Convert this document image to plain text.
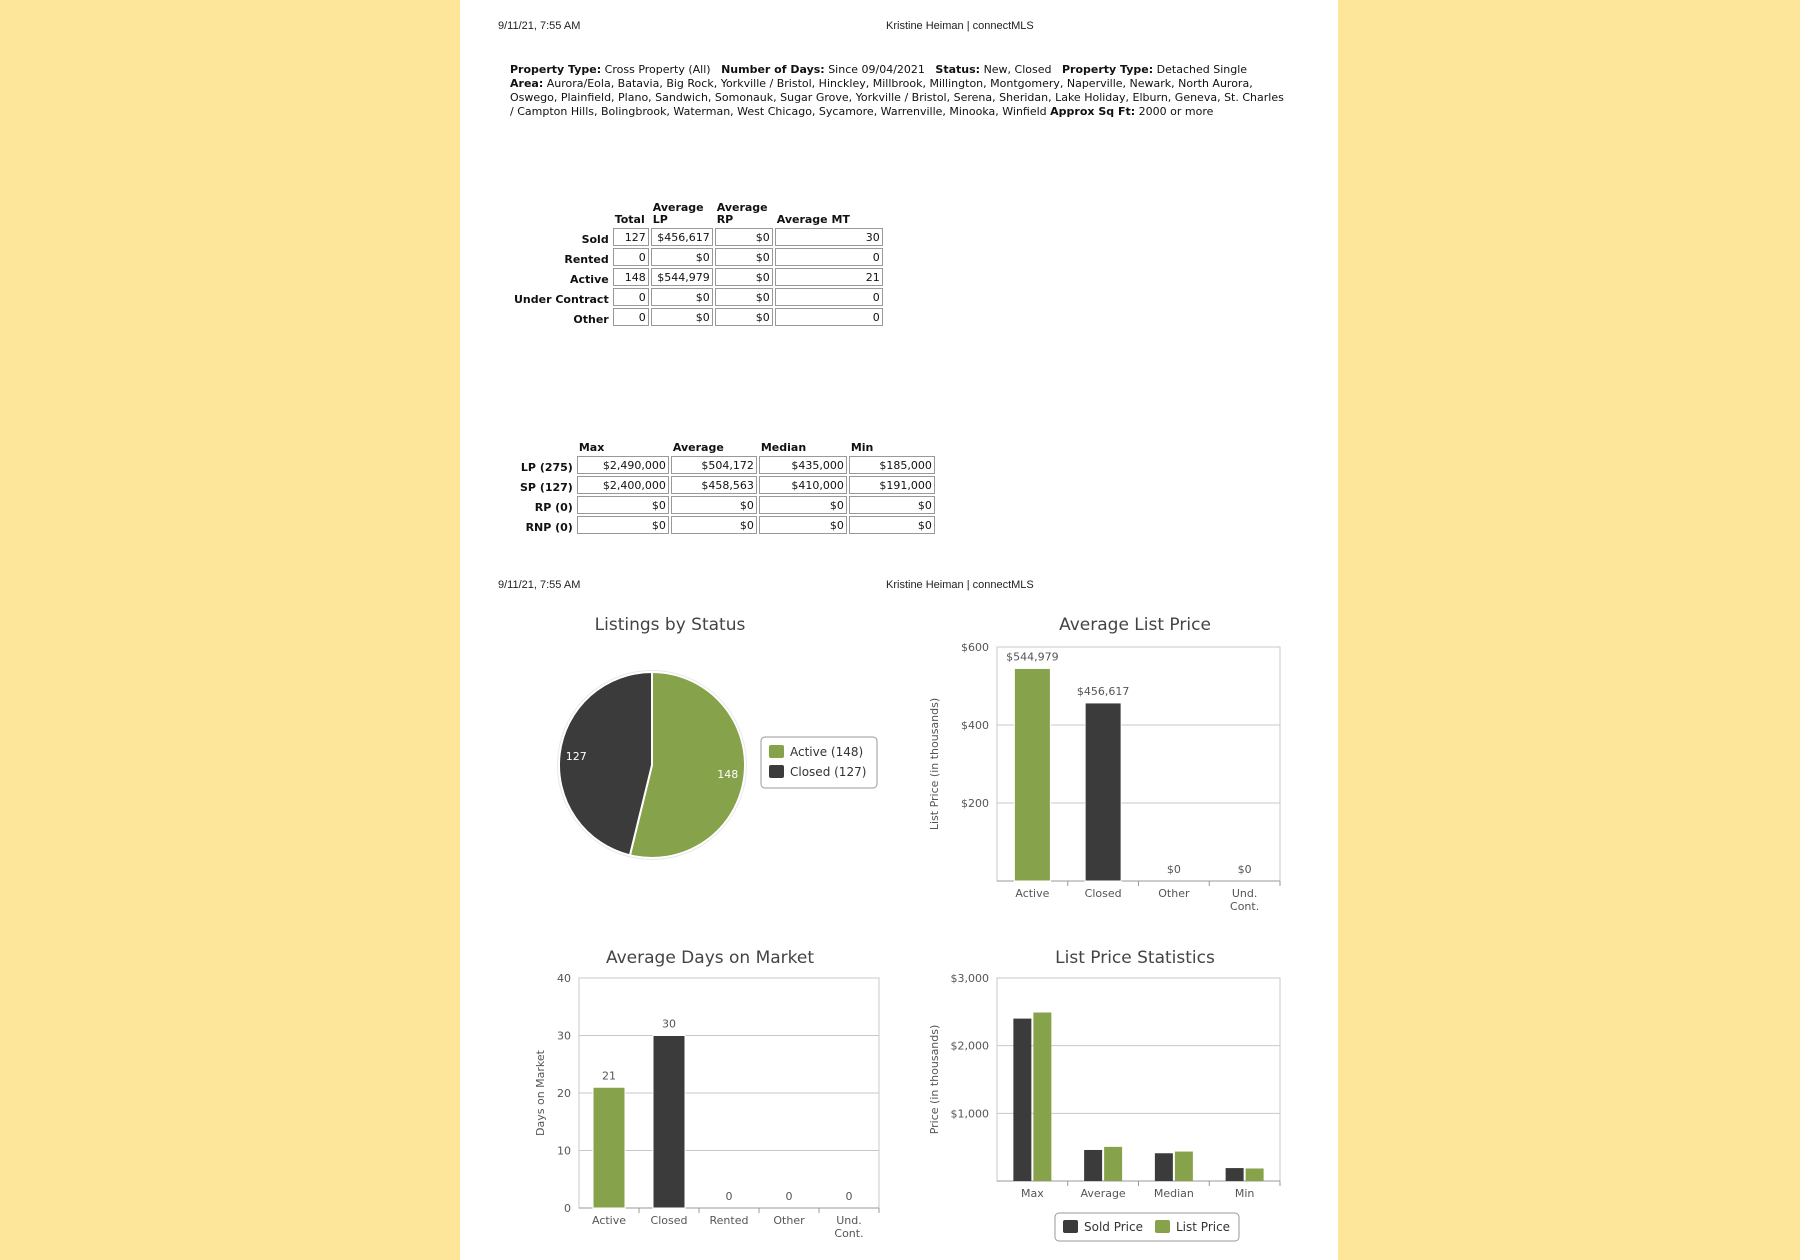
9/11/21, 7:55 AM	Kristine Heiman | connectMLS
Property Type: Cross Property (All) Number of Days: Since 09/04/2021 Status: New, Closed Property Type: Detached Single   Area: Aurora/Eola, Batavia, Big Rock, Yorkville / Bristol, Hinckley, Millbrook, Millington, Montgomery, Naperville, Newark, North Aurora, Oswego, Plainfield, Plano, Sandwich, Somonauk, Sugar Grove, Yorkville / Bristol, Serena, Sheridan, Lake Holiday, Elburn, Geneva, St. Charles / Campton Hills, Bolingbrook, Waterman, West Chicago, Sycamore, Warrenville, Minooka, Winfield Approx Sq Ft: 2000 or more
	Total	Average LP	Average RP	Average MT
Sold	127	$456,617	$0	30
Rented	0	$0	$0	0
Active	148	$544,979	$0	21
Under Contract	0	$0	$0	0
Other	0	$0	$0	0
	Max	Average	Median	Min
LP (275)	$2,490,000	$504,172	$435,000	$185,000
SP (127)	$2,400,000	$458,563	$410,000	$191,000
RP (0)	$0	$0	$0	$0
RNP (0)	$0	$0	$0	$0
9/11/21, 7:55 AM	Kristine Heiman | connectMLS
Listings by Status
148
127	Active (148)
Closed (127)
Average List Price
$200
$400
$600
List Price (in thousands)
Active	Closed	Other	Und. Cont.
$544,979
$456,617
$0	$0
Average Days on Market
0
10
20
30
40
Days on Market
Active Closed Rented Other	Und. Cont.
21
30
0	0	0
List Price Statistics
$1,000
$2,000
$3,000
Price (in thousands)
Max	Average	Median	Min
Sold Price	List Price
